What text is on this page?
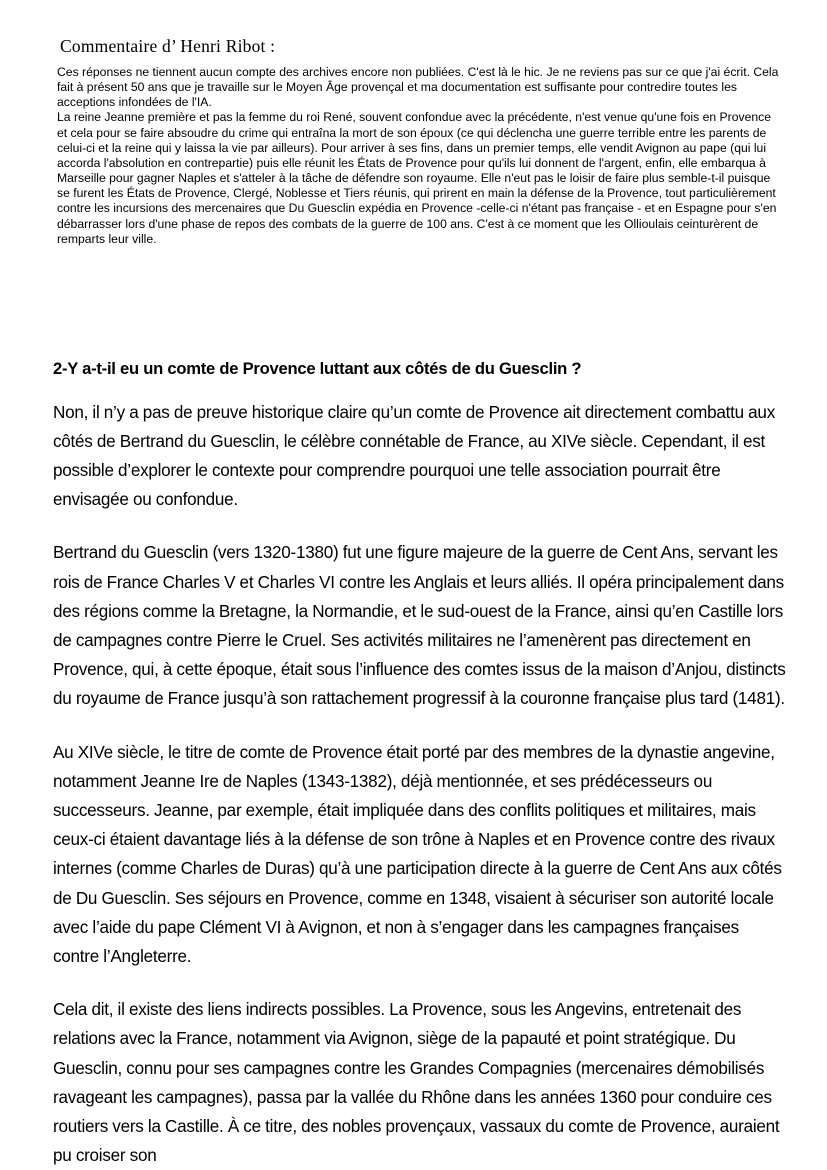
Commentaire d’ Henri Ribot :

Ces réponses ne tiennent aucun compte des archives encore non publiées. C'est là le hic. Je ne reviens pas sur ce que j'ai écrit. Cela fait à présent 50 ans que je travaille sur le Moyen Âge provençal et ma documentation est suffisante pour contredire toutes les acceptions infondées de l'IA.

La reine Jeanne première et pas la femme du roi René, souvent confondue avec la précédente, n'est venue qu'une fois en Provence et cela pour se faire absoudre du crime qui entraîna la mort de son époux (ce qui déclencha une guerre terrible entre les parents de celui-ci et la reine qui y laissa la vie par ailleurs). Pour arriver à ses fins, dans un premier temps, elle vendit Avignon au pape (qui lui accorda l'absolution en contrepartie) puis elle réunit les États de Provence pour qu'ils lui donnent de l'argent, enfin, elle embarqua à Marseille pour gagner Naples et s'atteler à la tâche de défendre son royaume. Elle n'eut pas le loisir de faire plus semble-t-il puisque se furent les États de Provence, Clergé, Noblesse et Tiers réunis, qui prirent en main la défense de la Provence, tout particulièrement contre les incursions des mercenaires que Du Guesclin expédia en Provence -celle-ci n'étant pas française - et en Espagne pour s'en débarrasser lors d'une phase de repos des combats de la guerre de 100 ans. C'est à ce moment que les Ollioulais ceinturèrent de remparts leur ville.

2-Y a-t-il eu un comte de Provence luttant aux côtés de du Guesclin ?

Non, il n’y a pas de preuve historique claire qu’un comte de Provence ait directement combattu aux côtés de Bertrand du Guesclin, le célèbre connétable de France, au XIVe siècle. Cependant, il est possible d’explorer le contexte pour comprendre pourquoi une telle association pourrait être envisagée ou confondue.

Bertrand du Guesclin (vers 1320-1380) fut une figure majeure de la guerre de Cent Ans, servant les rois de France Charles V et Charles VI contre les Anglais et leurs alliés. Il opéra principalement dans des régions comme la Bretagne, la Normandie, et le sud-ouest de la France, ainsi qu’en Castille lors de campagnes contre Pierre le Cruel. Ses activités militaires ne l’amenèrent pas directement en Provence, qui, à cette époque, était sous l’influence des comtes issus de la maison d’Anjou, distincts du royaume de France jusqu’à son rattachement progressif à la couronne française plus tard (1481).

Au XIVe siècle, le titre de comte de Provence était porté par des membres de la dynastie angevine, notamment Jeanne Ire de Naples (1343-1382), déjà mentionnée, et ses prédécesseurs ou successeurs. Jeanne, par exemple, était impliquée dans des conflits politiques et militaires, mais ceux-ci étaient davantage liés à la défense de son trône à Naples et en Provence contre des rivaux internes (comme Charles de Duras) qu’à une participation directe à la guerre de Cent Ans aux côtés de Du Guesclin. Ses séjours en Provence, comme en 1348, visaient à sécuriser son autorité locale avec l’aide du pape Clément VI à Avignon, et non à s’engager dans les campagnes françaises contre l’Angleterre.

Cela dit, il existe des liens indirects possibles. La Provence, sous les Angevins, entretenait des relations avec la France, notamment via Avignon, siège de la papauté et point stratégique. Du Guesclin, connu pour ses campagnes contre les Grandes Compagnies (mercenaires démobilisés ravageant les campagnes), passa par la vallée du Rhône dans les années 1360 pour conduire ces routiers vers la Castille. À ce titre, des nobles provençaux, vassaux du comte de Provence, auraient pu croiser son
